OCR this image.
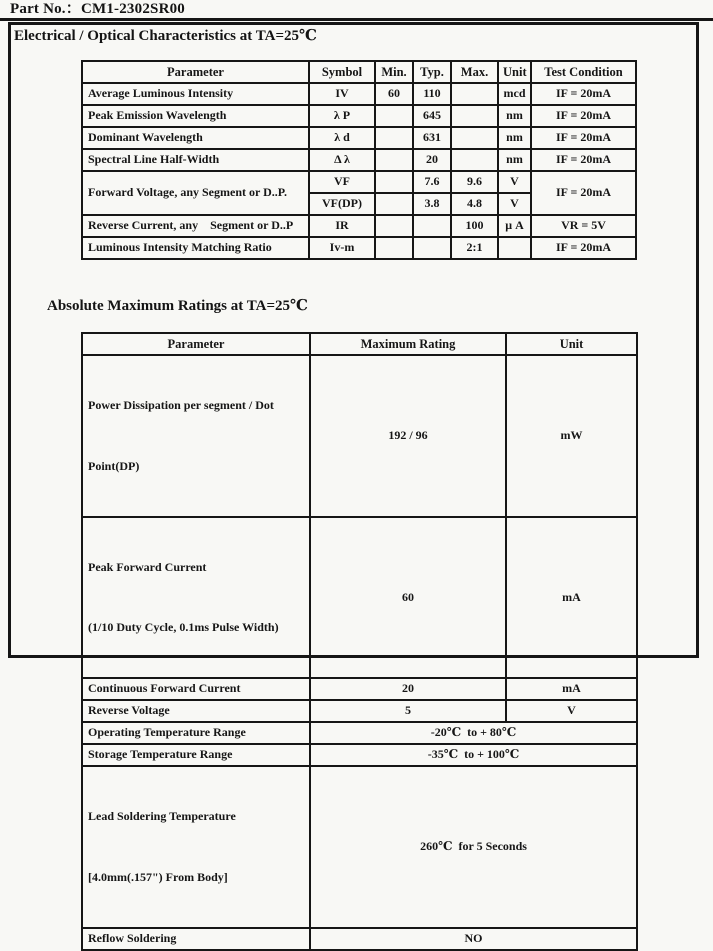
Part No.：CM1-2302SR00
Electrical / Optical Characteristics at TA=25℃
Parameter	Symbol	Min.	Typ.	Max.	Unit	Test Condition
Average Luminous Intensity	IV	60	110		mcd	IF = 20mA
Peak Emission Wavelength	λ P		645		nm	IF = 20mA
Dominant Wavelength	λ d		631		nm	IF = 20mA
Spectral Line Half-Width	Δ λ		20		nm	IF = 20mA
Forward Voltage, any Segment or D..P.	VF		7.6	9.6	V	IF = 20mA
	VF(DP)		3.8	4.8	V	
Reverse Current, any    Segment or D..P	IR			100	μ A	VR = 5V
Luminous Intensity Matching Ratio	Iv-m			2:1		IF = 20mA
Absolute Maximum Ratings at TA=25℃
Parameter	Maximum Rating	Unit

Power Dissipation per segment / Dot

Point(DP)	192 / 96	mW

Peak Forward Current

(1/10 Duty Cycle, 0.1ms Pulse Width)	60	mA
Continuous Forward Current	20	mA
Reverse Voltage	5	V
Operating Temperature Range	-20℃  to + 80℃	
Storage Temperature Range	-35℃  to + 100℃	

Lead Soldering Temperature

[4.0mm(.157") From Body]	260℃  for 5 Seconds	
Reflow Soldering	NO	
